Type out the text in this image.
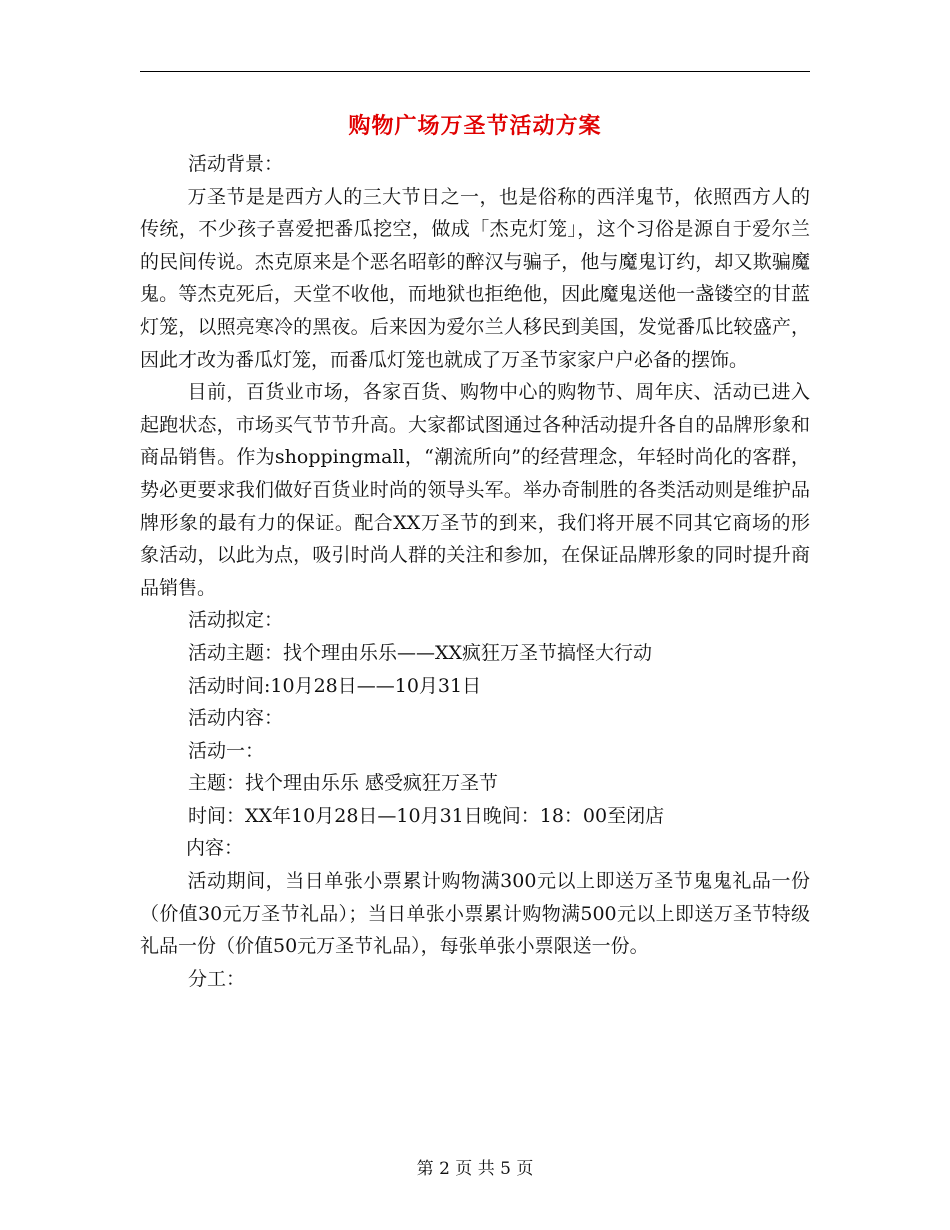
购物广场万圣节活动方案

活动背景：

万圣节是是西方人的三大节日之一，也是俗称的西洋鬼节，依照西方人的传统，不少孩子喜爱把番瓜挖空，做成「杰克灯笼」，这个习俗是源自于爱尔兰的民间传说。杰克原来是个恶名昭彰的醉汉与骗子，他与魔鬼订约，却又欺骗魔鬼。等杰克死后，天堂不收他，而地狱也拒绝他，因此魔鬼送他一盏镂空的甘蓝灯笼，以照亮寒冷的黑夜。后来因为爱尔兰人移民到美国，发觉番瓜比较盛产，因此才改为番瓜灯笼，而番瓜灯笼也就成了万圣节家家户户必备的摆饰。

目前，百货业市场，各家百货、购物中心的购物节、周年庆、活动已进入起跑状态，市场买气节节升高。大家都试图通过各种活动提升各自的品牌形象和商品销售。作为shoppingmall，“潮流所向”的经营理念，年轻时尚化的客群，势必更要求我们做好百货业时尚的领导头军。举办奇制胜的各类活动则是维护品牌形象的最有力的保证。配合XX万圣节的到来，我们将开展不同其它商场的形象活动，以此为点，吸引时尚人群的关注和参加，在保证品牌形象的同时提升商品销售。

活动拟定：

活动主题：找个理由乐乐——XX疯狂万圣节搞怪大行动

活动时间:10月28日——10月31日

活动内容：

活动一：

主题：找个理由乐乐 感受疯狂万圣节

时间：XX年10月28日—10月31日晚间：18：00至闭店

内容：

活动期间，当日单张小票累计购物满300元以上即送万圣节鬼鬼礼品一份（价值30元万圣节礼品）；当日单张小票累计购物满500元以上即送万圣节特级礼品一份（价值50元万圣节礼品），每张单张小票限送一份。

分工：

第 2 页 共 5 页
